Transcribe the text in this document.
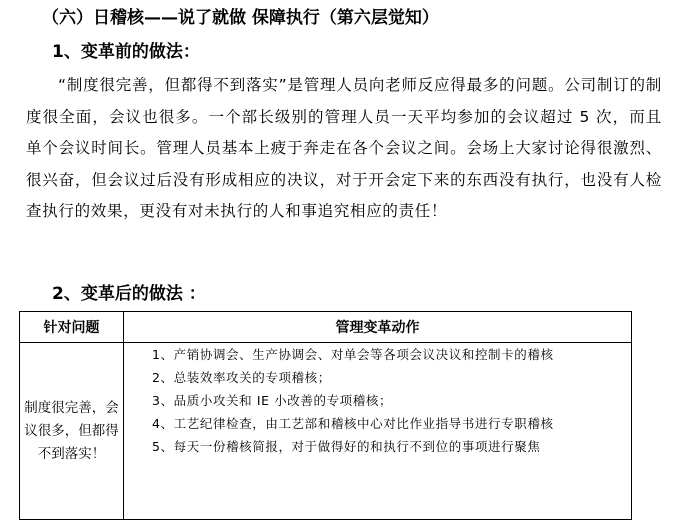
（六）日稽核——说了就做 保障执行（第六层觉知）
1、变革前的做法：

“制度很完善，但都得不到落实”是管理人员向老师反应得最多的问题。公司制订的制度很全面，会议也很多。一个部长级别的管理人员一天平均参加的会议超过 5 次，而且单个会议时间长。管理人员基本上疲于奔走在各个会议之间。会场上大家讨论得很激烈、很兴奋，但会议过后没有形成相应的决议，对于开会定下来的东西没有执行，也没有人检查执行的效果，更没有对未执行的人和事追究相应的责任！

2、变革后的做法 ：
针对问题	管理变革动作
制度很完善，会议很多，但都得不到落实！	1、产销协调会、生产协调会、对单会等各项会议决议和控制卡的稽核
2、总装效率攻关的专项稽核；
3、品质小攻关和 IE 小改善的专项稽核；
4、工艺纪律检查，由工艺部和稽核中心对比作业指导书进行专职稽核
5、每天一份稽核简报，对于做得好的和执行不到位的事项进行聚焦
